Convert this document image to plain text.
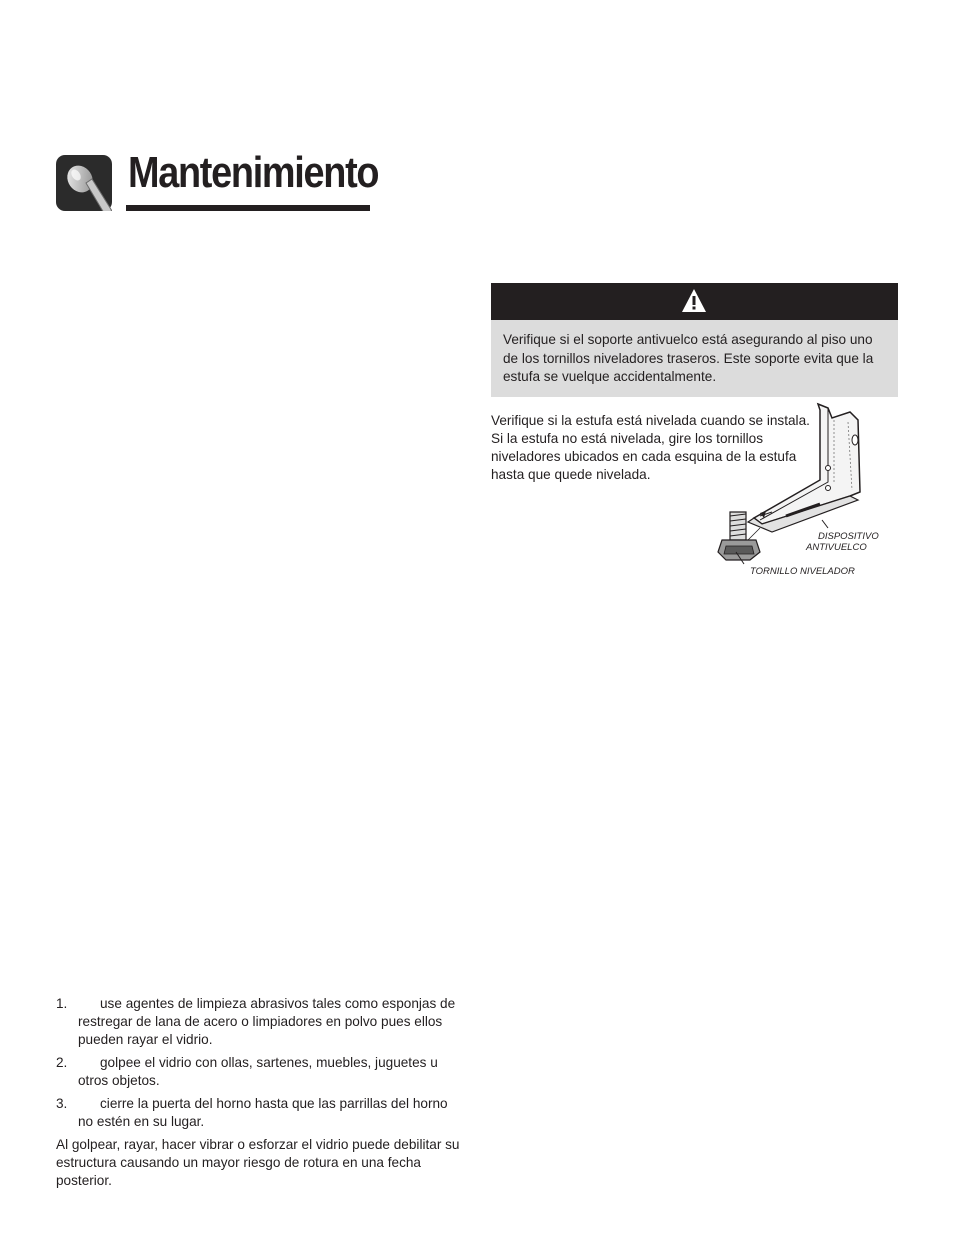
Mantenimiento
Verifique si el soporte antivuelco está asegurando al piso uno de los tornillos niveladores traseros. Este soporte evita que la estufa se vuelque accidentalmente.
Verifique si la estufa está nivelada cuando se instala. Si la estufa no está nivelada, gire los tornillos niveladores ubicados en cada esquina de la estufa hasta que quede nivelada.
DISPOSITIVO
ANTIVUELCO
TORNILLO NIVELADOR
1.	use agentes de limpieza abrasivos tales como esponjas de restregar de lana de acero o limpiadores en polvo pues ellos pueden rayar el vidrio.
2.	golpee el vidrio con ollas, sartenes, muebles, juguetes u otros objetos.
3.	cierre la puerta del horno hasta que las parrillas del horno no estén en su lugar.
Al golpear, rayar, hacer vibrar o esforzar el vidrio puede debilitar su estructura causando un mayor riesgo de rotura en una fecha posterior.
